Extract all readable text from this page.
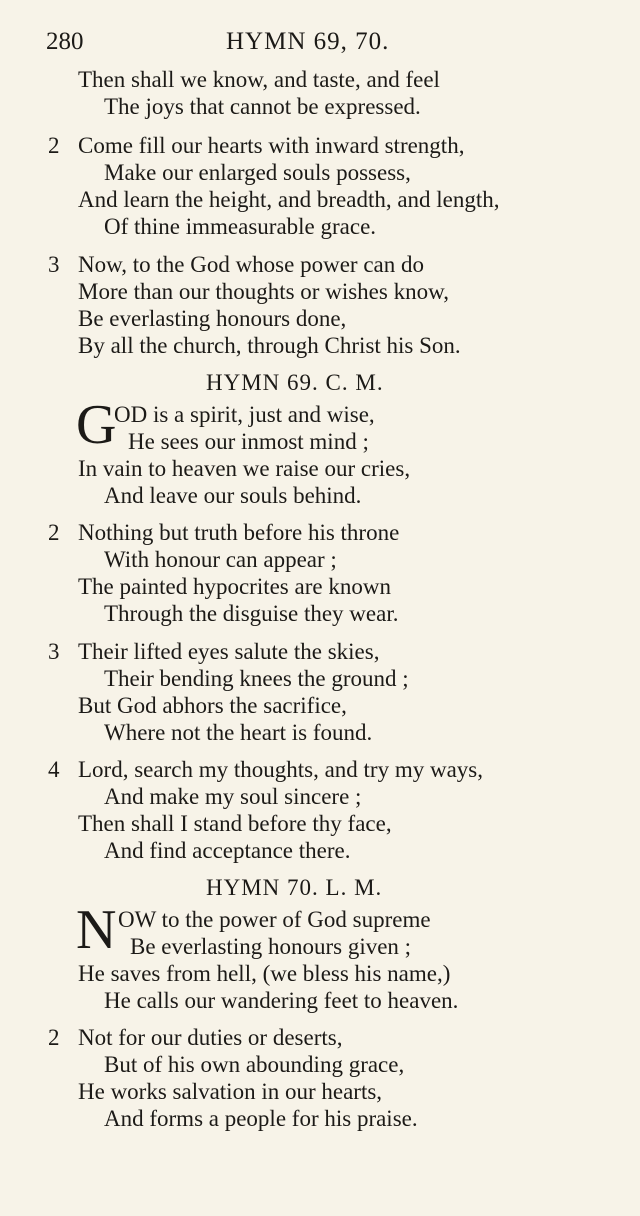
280	HYMN 69, 70.
Then shall we know, and taste, and feel
The joys that cannot be expressed.
2 Come fill our hearts with inward strength,
Make our enlarged souls possess,
And learn the height, and breadth, and length,
Of thine immeasurable grace.
3 Now, to the God whose power can do
More than our thoughts or wishes know,
Be everlasting honours done,
By all the church, through Christ his Son.
HYMN 69. C. M.
G
OD is a spirit, just and wise,
He sees our inmost mind ;
In vain to heaven we raise our cries,
And leave our souls behind.
2 Nothing but truth before his throne
With honour can appear ;
The painted hypocrites are known
Through the disguise they wear.
3 Their lifted eyes salute the skies,
Their bending knees the ground ;
But God abhors the sacrifice,
Where not the heart is found.
4 Lord, search my thoughts, and try my ways,
And make my soul sincere ;
Then shall I stand before thy face,
And find acceptance there.
HYMN 70. L. M.
N OW to the power of God supreme
Be everlasting honours given ;
He saves from hell, (we bless his name,)
He calls our wandering feet to heaven.
2 Not for our duties or deserts,
But of his own abounding grace,
He works salvation in our hearts,
And forms a people for his praise.
